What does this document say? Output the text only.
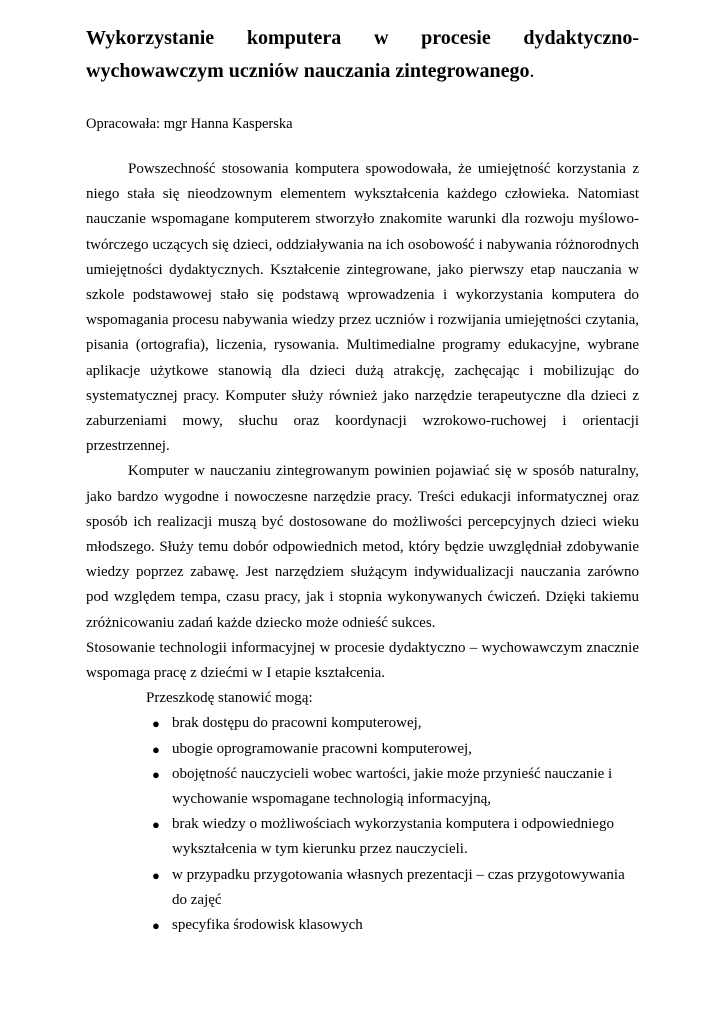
Wykorzystanie komputera w procesie dydaktyczno-wychowawczym uczniów nauczania zintegrowanego.

Opracowała: mgr Hanna Kasperska

Powszechność stosowania komputera spowodowała, że umiejętność korzystania z niego stała się nieodzownym elementem wykształcenia każdego człowieka. Natomiast nauczanie wspomagane komputerem stworzyło znakomite warunki dla rozwoju myślowo-twórczego uczących się dzieci, oddziaływania na ich osobowość i nabywania różnorodnych umiejętności dydaktycznych. Kształcenie zintegrowane, jako pierwszy etap nauczania w szkole podstawowej stało się podstawą wprowadzenia i wykorzystania komputera do wspomagania procesu nabywania wiedzy przez uczniów i rozwijania umiejętności czytania, pisania (ortografia), liczenia, rysowania. Multimedialne programy edukacyjne, wybrane aplikacje użytkowe stanowią dla dzieci dużą atrakcję, zachęcając i mobilizując do systematycznej pracy. Komputer służy również jako narzędzie terapeutyczne dla dzieci z zaburzeniami mowy, słuchu oraz koordynacji wzrokowo-ruchowej i orientacji przestrzennej.

Komputer w nauczaniu zintegrowanym powinien pojawiać się w sposób naturalny, jako bardzo wygodne i nowoczesne narzędzie pracy. Treści edukacji informatycznej oraz sposób ich realizacji muszą być dostosowane do możliwości percepcyjnych dzieci wieku młodszego. Służy temu dobór odpowiednich metod, który będzie uwzględniał zdobywanie wiedzy poprzez zabawę. Jest narzędziem służącym indywidualizacji nauczania zarówno pod względem tempa, czasu pracy, jak i stopnia wykonywanych ćwiczeń. Dzięki takiemu zróżnicowaniu zadań każde dziecko może odnieść sukces.

Stosowanie technologii informacyjnej w procesie dydaktyczno – wychowawczym znacznie wspomaga pracę z dziećmi w I etapie kształcenia.

Przeszkodę stanowić mogą:

● brak dostępu do pracowni komputerowej,
● ubogie oprogramowanie pracowni komputerowej,
● obojętność nauczycieli wobec wartości, jakie może przynieść nauczanie i wychowanie wspomagane technologią informacyjną,
● brak wiedzy o możliwościach wykorzystania komputera i odpowiedniego wykształcenia w tym kierunku przez nauczycieli.
● w przypadku przygotowania własnych prezentacji – czas przygotowywania do zajęć
● specyfika środowisk klasowych
